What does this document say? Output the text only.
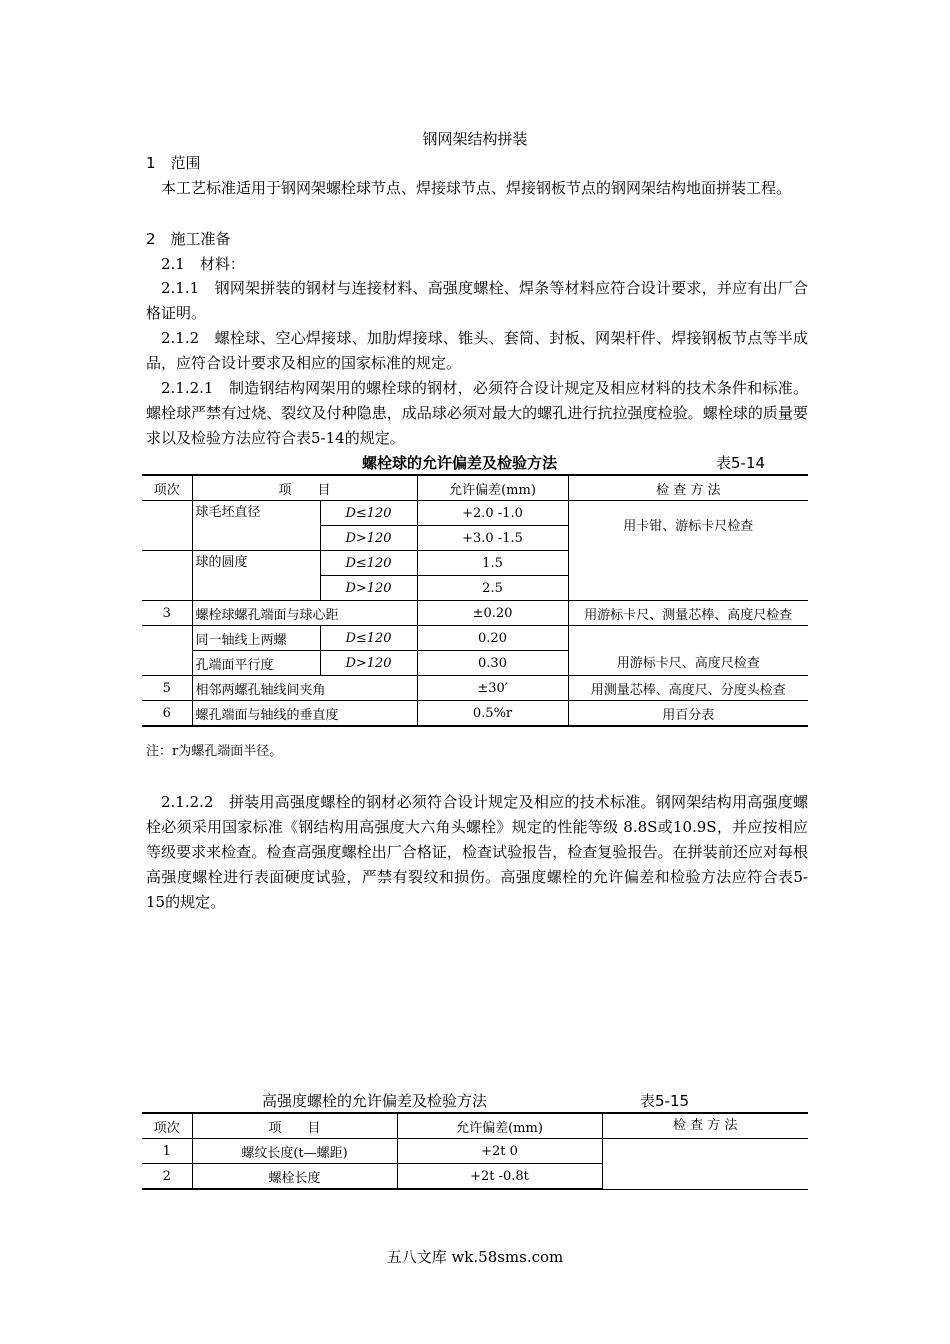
钢网架结构拼装
1　范围
本工艺标准适用于钢网架螺栓球节点、焊接球节点、焊接钢板节点的钢网架结构地面拼装工程。
2　施工准备
2.1　材料：
2.1.1　钢网架拼装的钢材与连接材料、高强度螺栓、焊条等材料应符合设计要求，并应有出厂合格证明。
2.1.2　螺栓球、空心焊接球、加肋焊接球、锥头、套筒、封板、网架杆件、焊接钢板节点等半成品，应符合设计要求及相应的国家标准的规定。
2.1.2.1　制造钢结构网架用的螺栓球的钢材，必须符合设计规定及相应材料的技术条件和标准。螺栓球严禁有过烧、裂纹及付种隐患，成品球必须对最大的螺孔进行抗拉强度检验。螺栓球的质量要求以及检验方法应符合表5-14的规定。
螺栓球的允许偏差及检验方法	表5-14
项次	项　　目		允许偏差(mm)	检 查 方 法
	球毛坯直径	D≤120	+2.0 -1.0	用卡钳、游标卡尺检查
		D>120	+3.0 -1.5	
	球的圆度	D≤120	1.5	
		D>120	2.5	
3	螺栓球螺孔端面与球心距		±0.20	用游标卡尺、测量芯棒、高度尺检查
	同一轴线上两螺	D≤120	0.20	用游标卡尺、高度尺检查
	孔端面平行度	D>120	0.30	
5	相邻两螺孔轴线间夹角		±30′	用测量芯棒、高度尺、分度头检查
6	螺孔端面与轴线的垂直度		0.5%r	用百分表
注：r为螺孔端面半径。
2.1.2.2　拼装用高强度螺栓的钢材必须符合设计规定及相应的技术标准。钢网架结构用高强度螺栓必须采用国家标准《钢结构用高强度大六角头螺栓》规定的性能等级 8.8S或10.9S，并应按相应等级要求来检查。检查高强度螺栓出厂合格证，检查试验报告，检查复验报告。在拼装前还应对每根高强度螺栓进行表面硬度试验，严禁有裂纹和损伤。高强度螺栓的允许偏差和检验方法应符合表5-15的规定。
高强度螺栓的允许偏差及检验方法	表5-15
项次	项　　目	允许偏差(mm)	检 查 方 法
1	螺纹长度(t—螺距)	+2t 0	
2	螺栓长度	+2t -0.8t	
五八文库 wk.58sms.com
